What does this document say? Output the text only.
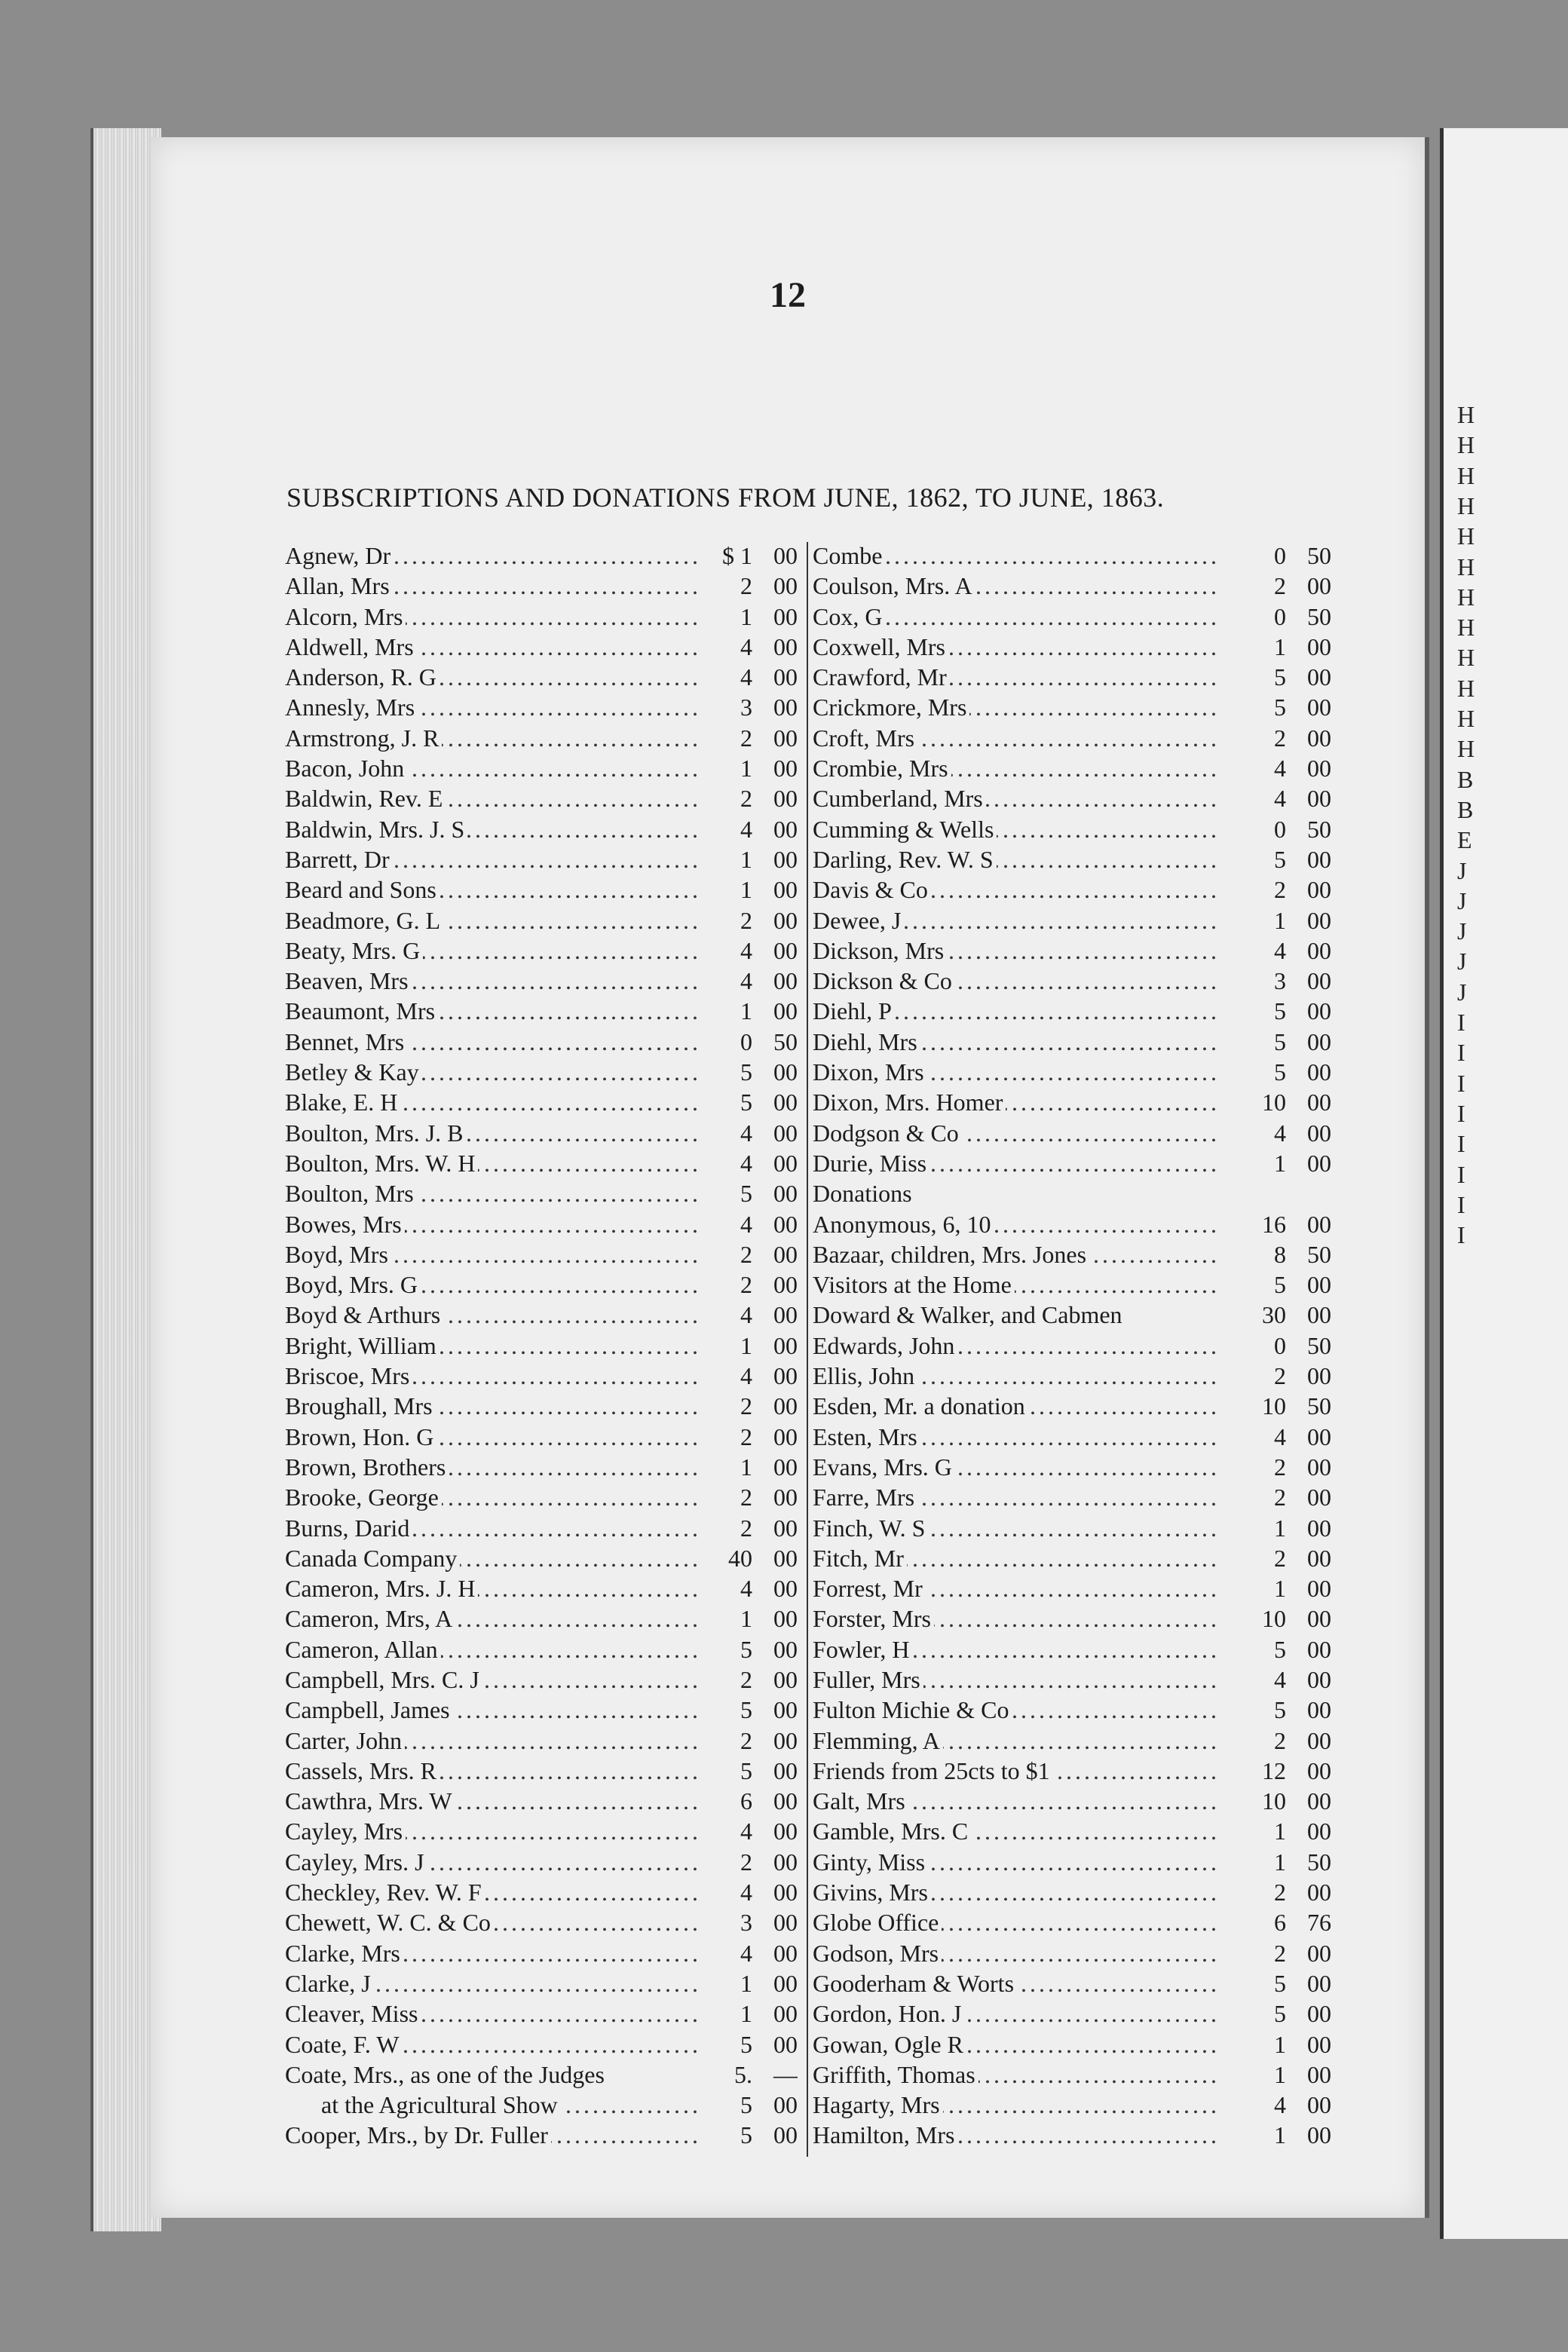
12
SUBSCRIPTIONS AND DONATIONS FROM JUNE, 1862, TO JUNE, 1863.
Agnew, Dr .....	$ 1 00
Allan, Mrs .....	2 00
Alcorn, Mrs .....	1 00
Aldwell, Mrs .....	4 00
Anderson, R. G .....	4 00
Annesly, Mrs .....	3 00
Armstrong, J. R .....	2 00
Bacon, John .....	1 00
Baldwin, Rev. E .....	2 00
Baldwin, Mrs. J. S .....	4 00
Barrett, Dr .....	1 00
Beard and Sons .....	1 00
Beadmore, G. L .....	2 00
Beaty, Mrs. G .....	4 00
Beaven, Mrs .....	4 00
Beaumont, Mrs .....	1 00
Bennet, Mrs .....	0 50
Betley & Kay .....	5 00
Blake, E. H .....	5 00
Boulton, Mrs. J. B .....	4 00
Boulton, Mrs. W. H .....	4 00
Boulton, Mrs .....	5 00
Bowes, Mrs .....	4 00
Boyd, Mrs .....	2 00
Boyd, Mrs. G .....	2 00
Boyd & Arthurs .....	4 00
Bright, William .....	1 00
Briscoe, Mrs .....	4 00
Broughall, Mrs .....	2 00
Brown, Hon. G .....	2 00
Brown, Brothers .....	1 00
Brooke, George .....	2 00
Burns, Darid .....	2 00
Canada Company .....	40 00
Cameron, Mrs. J. H .....	4 00
Cameron, Mrs, A .....	1 00
Cameron, Allan .....	5 00
Campbell, Mrs. C. J .....	2 00
Campbell, James .....	5 00
Carter, John .....	2 00
Cassels, Mrs. R .....	5 00
Cawthra, Mrs. W .....	6 00
Cayley, Mrs .....	4 00
Cayley, Mrs. J .....	2 00
Checkley, Rev. W. F .....	4 00
Chewett, W. C. & Co .....	3 00
Clarke, Mrs .....	4 00
Clarke, J .....	1 00
Cleaver, Miss .....	1 00
Coate, F. W .....	5 00
Coate, Mrs., as one of the Judges	5. —
at the Agricultural Show .....	5 00
Cooper, Mrs., by Dr. Fuller .....	5 00
Combe .....	0 50
Coulson, Mrs. A .....	2 00
Cox, G .....	0 50
Coxwell, Mrs .....	1 00
Crawford, Mr .....	5 00
Crickmore, Mrs .....	5 00
Croft, Mrs .....	2 00
Crombie, Mrs .....	4 00
Cumberland, Mrs .....	4 00
Cumming & Wells .....	0 50
Darling, Rev. W. S .....	5 00
Davis & Co .....	2 00
Dewee, J .....	1 00
Dickson, Mrs .....	4 00
Dickson & Co .....	3 00
Diehl, P .....	5 00
Diehl, Mrs .....	5 00
Dixon, Mrs .....	5 00
Dixon, Mrs. Homer .....	10 00
Dodgson & Co .....	4 00
Durie, Miss .....	1 00
Donations
Anonymous, 6, 10 .....	16 00
Bazaar, children, Mrs. Jones .....	8 50
Visitors at the Home .....	5 00
Doward & Walker, and Cabmen	30 00
Edwards, John .....	0 50
Ellis, John .....	2 00
Esden, Mr. a donation .....	10 50
Esten, Mrs .....	4 00
Evans, Mrs. G .....	2 00
Farre, Mrs .....	2 00
Finch, W. S .....	1 00
Fitch, Mr .....	2 00
Forrest, Mr .....	1 00
Forster, Mrs .....	10 00
Fowler, H .....	5 00
Fuller, Mrs .....	4 00
Fulton Michie & Co .....	5 00
Flemming, A .....	2 00
Friends from 25cts to $1 .....	12 00
Galt, Mrs .....	10 00
Gamble, Mrs. C .....	1 00
Ginty, Miss .....	1 50
Givins, Mrs .....	2 00
Globe Office .....	6 76
Godson, Mrs .....	2 00
Gooderham & Worts .....	5 00
Gordon, Hon. J .....	5 00
Gowan, Ogle R .....	1 00
Griffith, Thomas .....	1 00
Hagarty, Mrs .....	4 00
Hamilton, Mrs .....	1 00
H
H
H
H
H
H
H
H
H
H
H
H
B
B
E
J
J
J
J
J
I
I
I
I
I
I
I
I
